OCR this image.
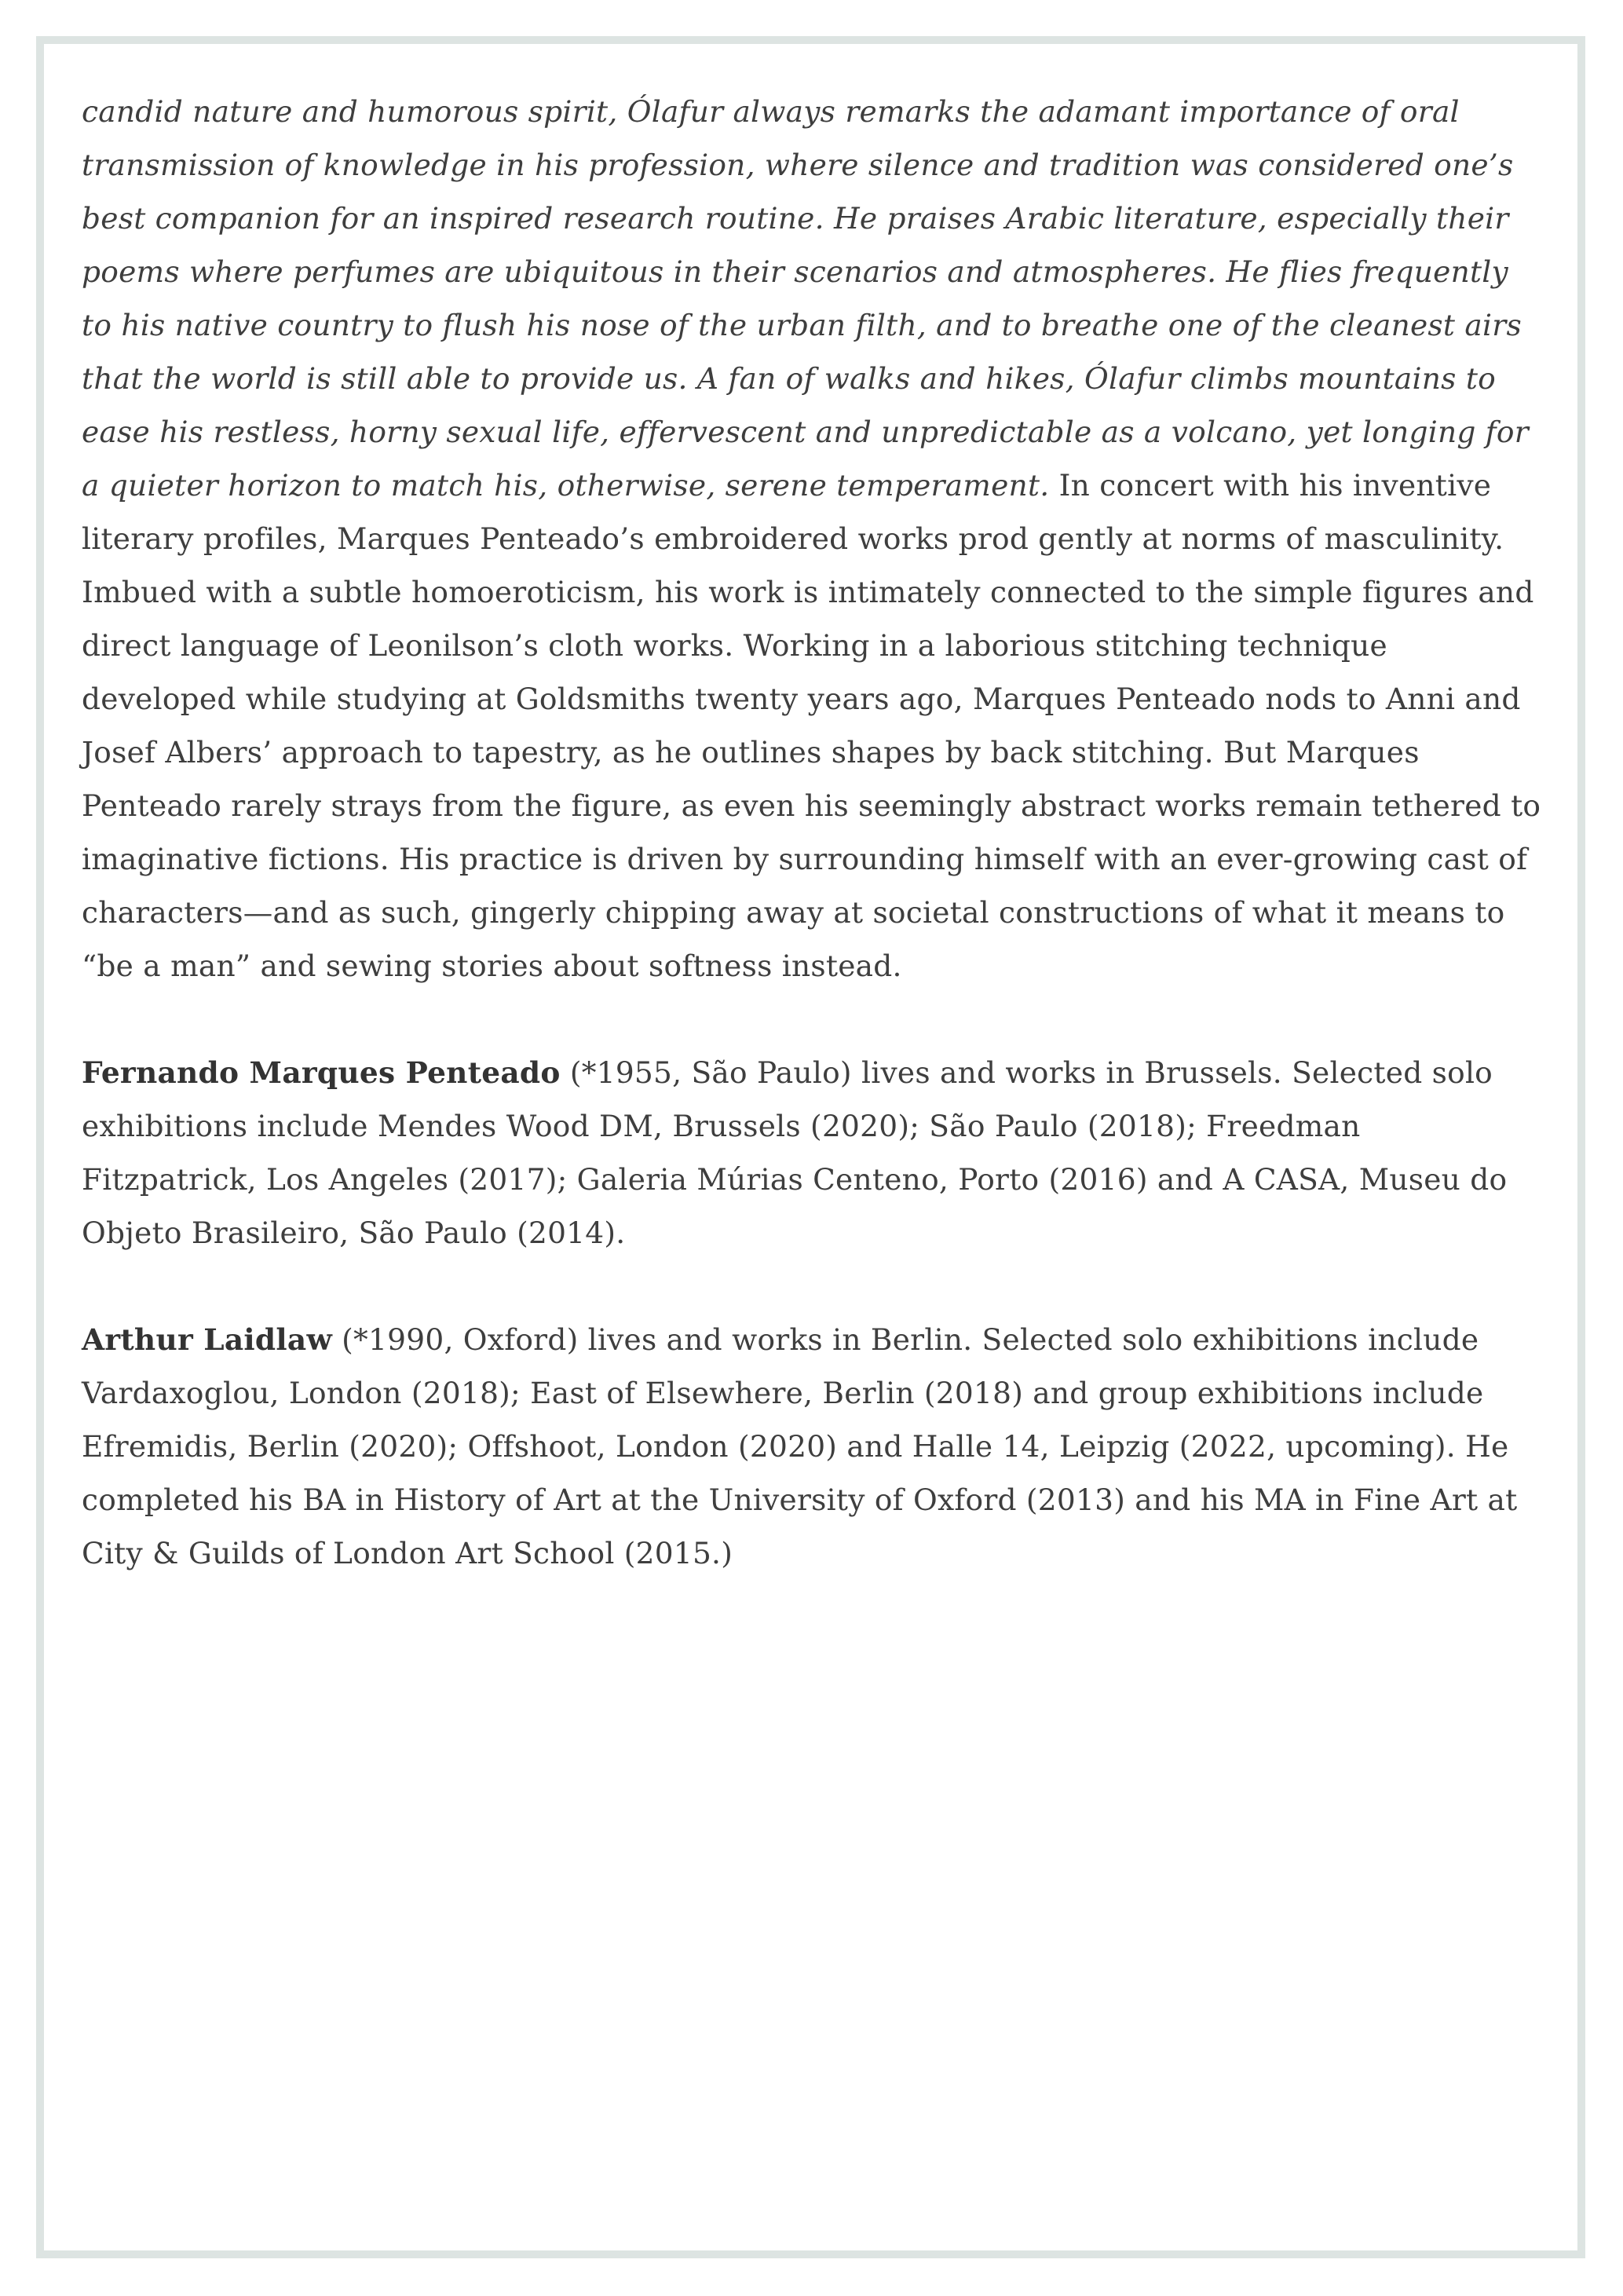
candid nature and humorous spirit, Ólafur always remarks the adamant importance of oral transmission of knowledge in his profession, where silence and tradition was considered one’s best companion for an inspired research routine. He praises Arabic literature, especially their poems where perfumes are ubiquitous in their scenarios and atmospheres. He flies frequently to his native country to flush his nose of the urban filth, and to breathe one of the cleanest airs that the world is still able to provide us. A fan of walks and hikes, Ólafur climbs mountains to ease his restless, horny sexual life, effervescent and unpredictable as a volcano, yet longing for a quieter horizon to match his, otherwise, serene temperament. In concert with his inventive literary profiles, Marques Penteado’s embroidered works prod gently at norms of masculinity. Imbued with a subtle homoeroticism, his work is intimately connected to the simple figures and direct language of Leonilson’s cloth works. Working in a laborious stitching technique developed while studying at Goldsmiths twenty years ago, Marques Penteado nods to Anni and Josef Albers’ approach to tapestry, as he outlines shapes by back stitching. But Marques Penteado rarely strays from the figure, as even his seemingly abstract works remain tethered to imaginative fictions. His practice is driven by surrounding himself with an ever-growing cast of characters—and as such, gingerly chipping away at societal constructions of what it means to “be a man” and sewing stories about softness instead.

Fernando Marques Penteado (*1955, São Paulo) lives and works in Brussels. Selected solo exhibitions include Mendes Wood DM, Brussels (2020); São Paulo (2018); Freedman Fitzpatrick, Los Angeles (2017); Galeria Múrias Centeno, Porto (2016) and A CASA, Museu do Objeto Brasileiro, São Paulo (2014).

Arthur Laidlaw (*1990, Oxford) lives and works in Berlin. Selected solo exhibitions include Vardaxoglou, London (2018); East of Elsewhere, Berlin (2018) and group exhibitions include Efremidis, Berlin (2020); Offshoot, London (2020) and Halle 14, Leipzig (2022, upcoming). He completed his BA in History of Art at the University of Oxford (2013) and his MA in Fine Art at City & Guilds of London Art School (2015.)
